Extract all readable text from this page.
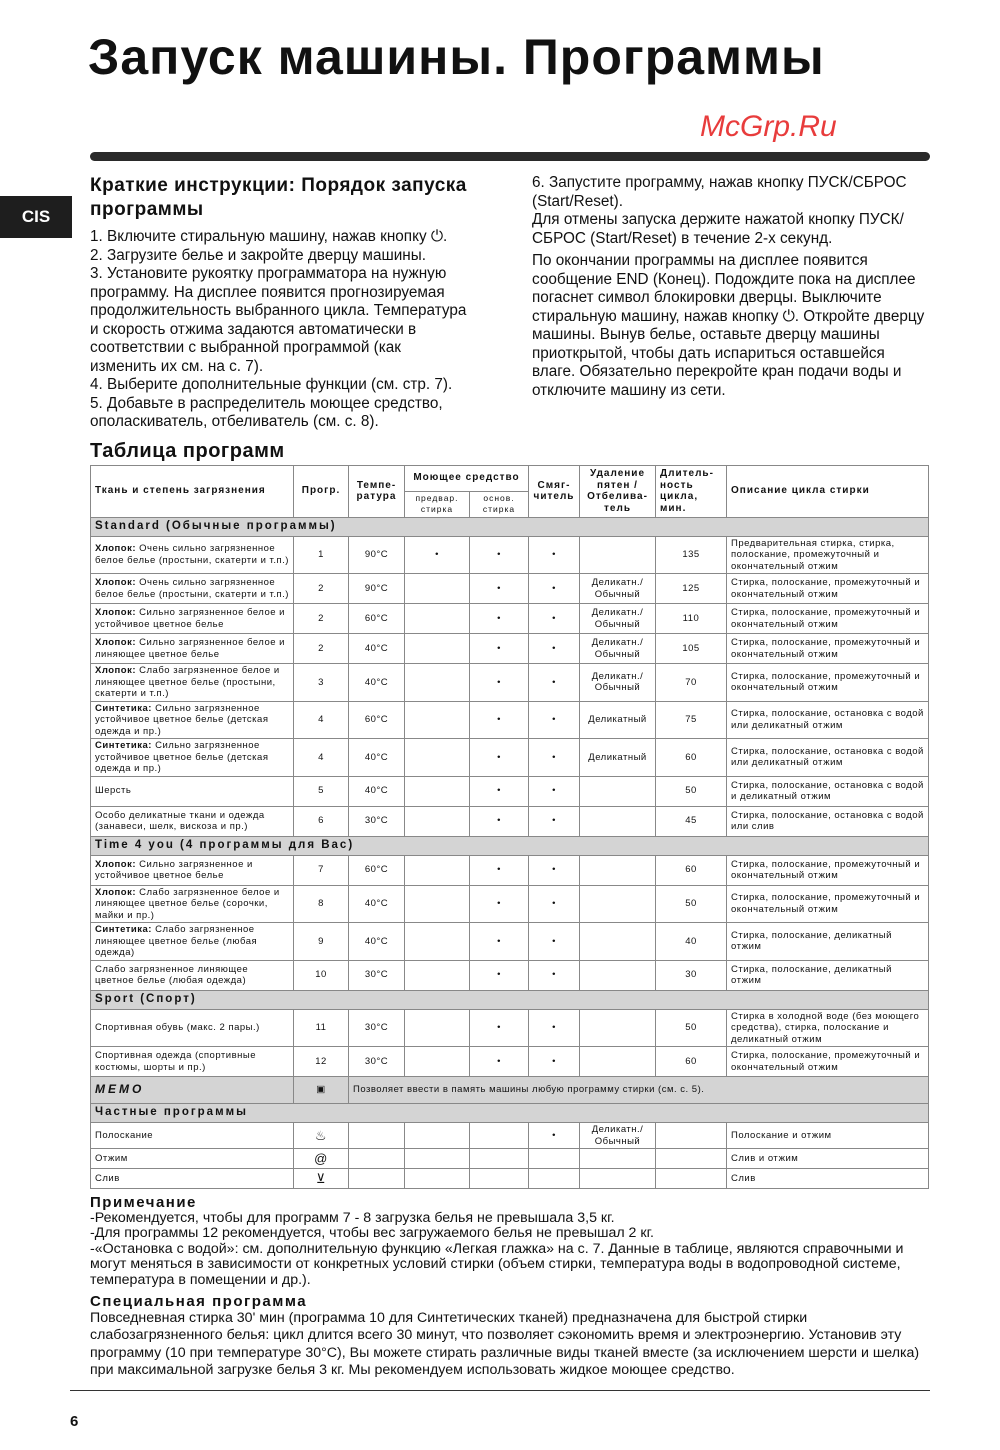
Запуск машины. Программы
McGrp.Ru
CIS
Краткие инструкции: Порядок запуска программы

1. Включите стиральную машину, нажав кнопку ⏻.

2. Загрузите белье и закройте дверцу машины.

3. Установите рукоятку программатора на нужную программу. На дисплее появится прогнозируемая продолжительность выбранного цикла. Температура и скорость отжима задаются автоматически в соответствии с выбранной программой (как изменить их см. на с. 7).

4. Выберите дополнительные функции (см. стр. 7).

5. Добавьте в распределитель моющее средство, ополаскиватель, отбеливатель (см. с. 8).

6. Запустите программу, нажав кнопку ПУСК/СБРОС (Start/Reset).

Для отмены запуска держите нажатой кнопку ПУСК/СБРОС (Start/Reset) в течение 2-х секунд.

По окончании программы на дисплее появится сообщение END (Конец). Подождите пока на дисплее погаснет символ блокировки дверцы. Выключите стиральную машину, нажав кнопку ⏻. Откройте дверцу машины. Вынув белье, оставьте дверцу машины приоткрытой, чтобы дать испариться оставшейся влаге. Обязательно перекройте кран подачи воды и отключите машину из сети.

Таблица программ
Ткань и степень загрязнения	Прогр.	Темпе-ратура	Моющее средство		Смяг-читель	Удаление пятен / Отбелива-тель	Длитель-ность цикла, мин.	Описание цикла стирки
			предвар. стирка	основ. стирка				
Standard (Обычные программы)								
Хлопок: Очень сильно загрязненное белое белье (простыни, скатерти и т.п.)	1	90°C	•	•	•		135	Предварительная стирка, стирка, полоскание, промежуточный и окончательный отжим
Хлопок: Очень сильно загрязненное белое белье (простыни, скатерти и т.п.)	2	90°C		•	•	Деликатн./ Обычный	125	Стирка, полоскание, промежуточный и окончательный отжим
Хлопок: Сильно загрязненное белое и устойчивое цветное белье	2	60°C		•	•	Деликатн./ Обычный	110	Стирка, полоскание, промежуточный и окончательный отжим
Хлопок: Сильно загрязненное белое и линяющее цветное белье	2	40°C		•	•	Деликатн./ Обычный	105	Стирка, полоскание, промежуточный и окончательный отжим
Хлопок: Слабо загрязненное белое и линяющее цветное белье (простыни, скатерти и т.п.)	3	40°C		•	•	Деликатн./ Обычный	70	Стирка, полоскание, промежуточный и окончательный отжим
Синтетика: Сильно загрязненное устойчивое цветное белье (детская одежда и пр.)	4	60°C		•	•	Деликатный	75	Стирка, полоскание, остановка с водой или деликатный отжим
Синтетика: Сильно загрязненное устойчивое цветное белье (детская одежда и пр.)	4	40°C		•	•	Деликатный	60	Стирка, полоскание, остановка с водой или деликатный отжим
Шерсть	5	40°C		•	•		50	Стирка, полоскание, остановка с водой и деликатный отжим
Особо деликатные ткани и одежда (занавеси, шелк, вискоза и пр.)	6	30°C		•	•		45	Стирка, полоскание, остановка с водой или слив
Time 4 you (4 программы для Вас)								
Хлопок: Сильно загрязненное и устойчивое цветное белье	7	60°C		•	•		60	Стирка, полоскание, промежуточный и окончательный отжим
Хлопок: Слабо загрязненное белое и линяющее цветное белье (сорочки, майки и пр.)	8	40°C		•	•		50	Стирка, полоскание, промежуточный и окончательный отжим
Синтетика: Слабо загрязненное линяющее цветное белье (любая одежда)	9	40°C		•	•		40	Стирка, полоскание, деликатный отжим
Слабо загрязненное линяющее цветное белье (любая одежда)	10	30°C		•	•		30	Стирка, полоскание, деликатный отжим
Sport (Спорт)								
Спортивная обувь (макс. 2 пары.)	11	30°C		•	•		50	Стирка в холодной воде (без моющего средства), стирка, полоскание и деликатный отжим
Спортивная одежда (спортивные костюмы, шорты и пр.)	12	30°C		•	•		60	Стирка, полоскание, промежуточный и окончательный отжим
MEMO	▣	Позволяет ввести в память машины любую программу стирки (см. с. 5).						
Частные программы								
Полоскание	♨				•	Деликатн./ Обычный		Полоскание и отжим
Отжим	@							Слив и отжим
Слив	⊻							Слив
Примечание

-Рекомендуется, чтобы для программ 7 - 8 загрузка белья не превышала 3,5 кг.

-Для программы 12 рекомендуется, чтобы вес загружаемого белья не превышал 2 кг.

-«Остановка с водой»: см. дополнительную функцию «Легкая глажка» на с. 7. Данные в таблице, являются справочными и могут меняться в зависимости от конкретных условий стирки (объем стирки, температура воды в водопроводной системе, температура в помещении и др.).

Специальная программа

Повседневная стирка 30' мин (программа 10 для Синтетических тканей) предназначена для быстрой стирки слабозагрязненного белья: цикл длится всего 30 минут, что позволяет сэкономить время и электроэнергию. Установив эту программу (10 при температуре 30°C), Вы можете стирать различные виды тканей вместе (за исключением шерсти и шелка) при максимальной загрузке белья 3 кг. Мы рекомендуем использовать жидкое моющее средство.

6
